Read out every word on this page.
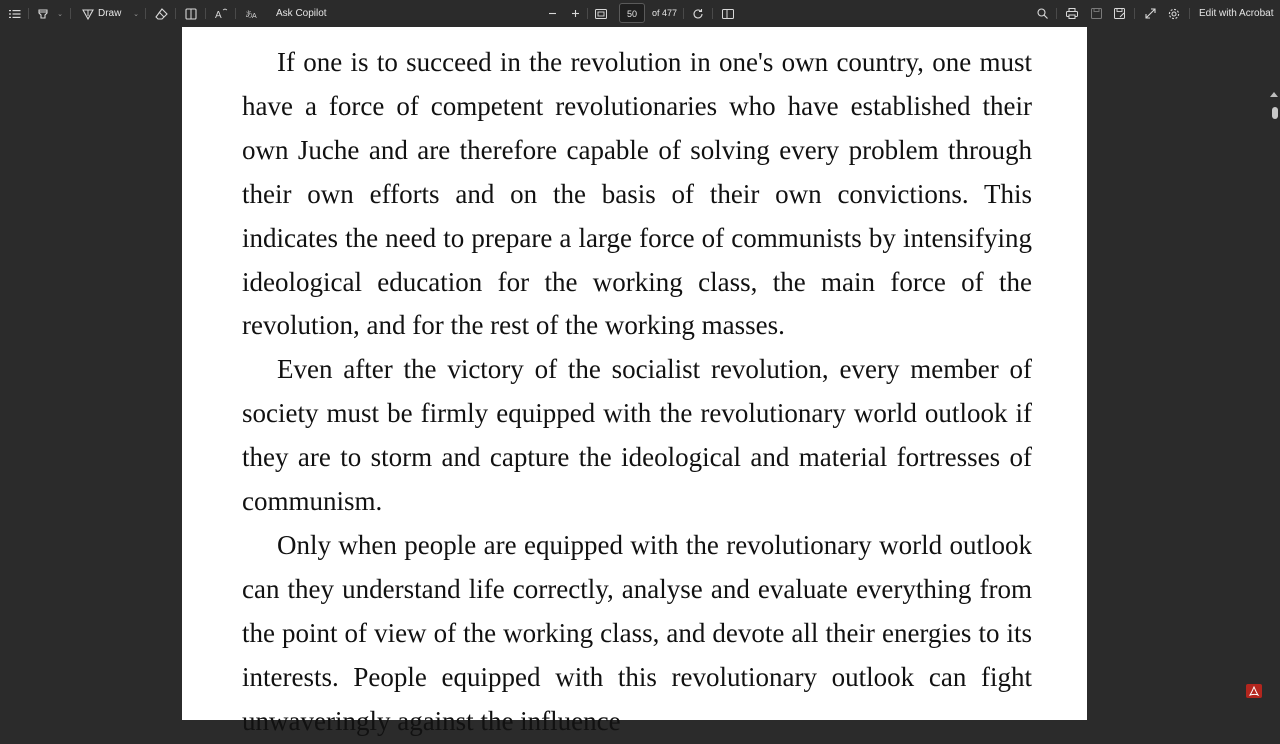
⌄	Draw ⌄	A	あ A Ask Copilot	50	of 477	Edit with Acrobat

If one is to succeed in the revolution in one's own country, one must have a force of competent revolutionaries who have established their own Juche and are therefore capable of solving every problem through their own efforts and on the basis of their own convictions. This indicates the need to prepare a large force of communists by intensifying ideological education for the working class, the main force of the revolution, and for the rest of the working masses.

Even after the victory of the socialist revolution, every member of society must be firmly equipped with the revolutionary world outlook if they are to storm and capture the ideological and material fortresses of communism.

Only when people are equipped with the revolutionary world outlook can they understand life correctly, analyse and evaluate everything from the point of view of the working class, and devote all their energies to its interests. People equipped with this revolutionary outlook can fight unwaveringly against the influence
